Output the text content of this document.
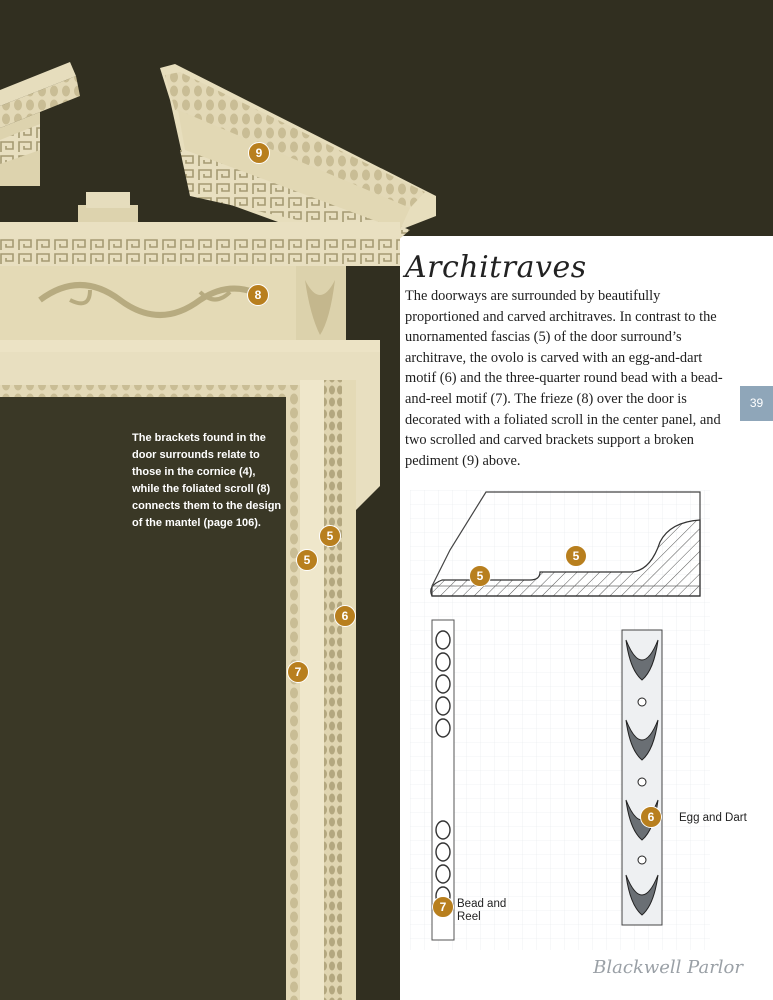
39
Architraves

The doorways are surrounded by beautifully proportioned and carved architraves. In contrast to the unornamented fascias (5) of the door surround’s architrave, the ovolo is carved with an egg-and-dart motif (6) and the three-quarter round bead with a bead-and-reel motif (7). The frieze (8) over the door is decorated with a foliated scroll in the center panel, and two scrolled and carved brackets support a broken pediment (9) above.

The brackets found in the door surrounds relate to those in the cornice (4), while the foliated scroll (8) connects them to the design of the mantel (page 106).

9
8
5
5
6
7
5
5
6
7
Egg and Dart
Bead and
Reel
Blackwell Parlor
